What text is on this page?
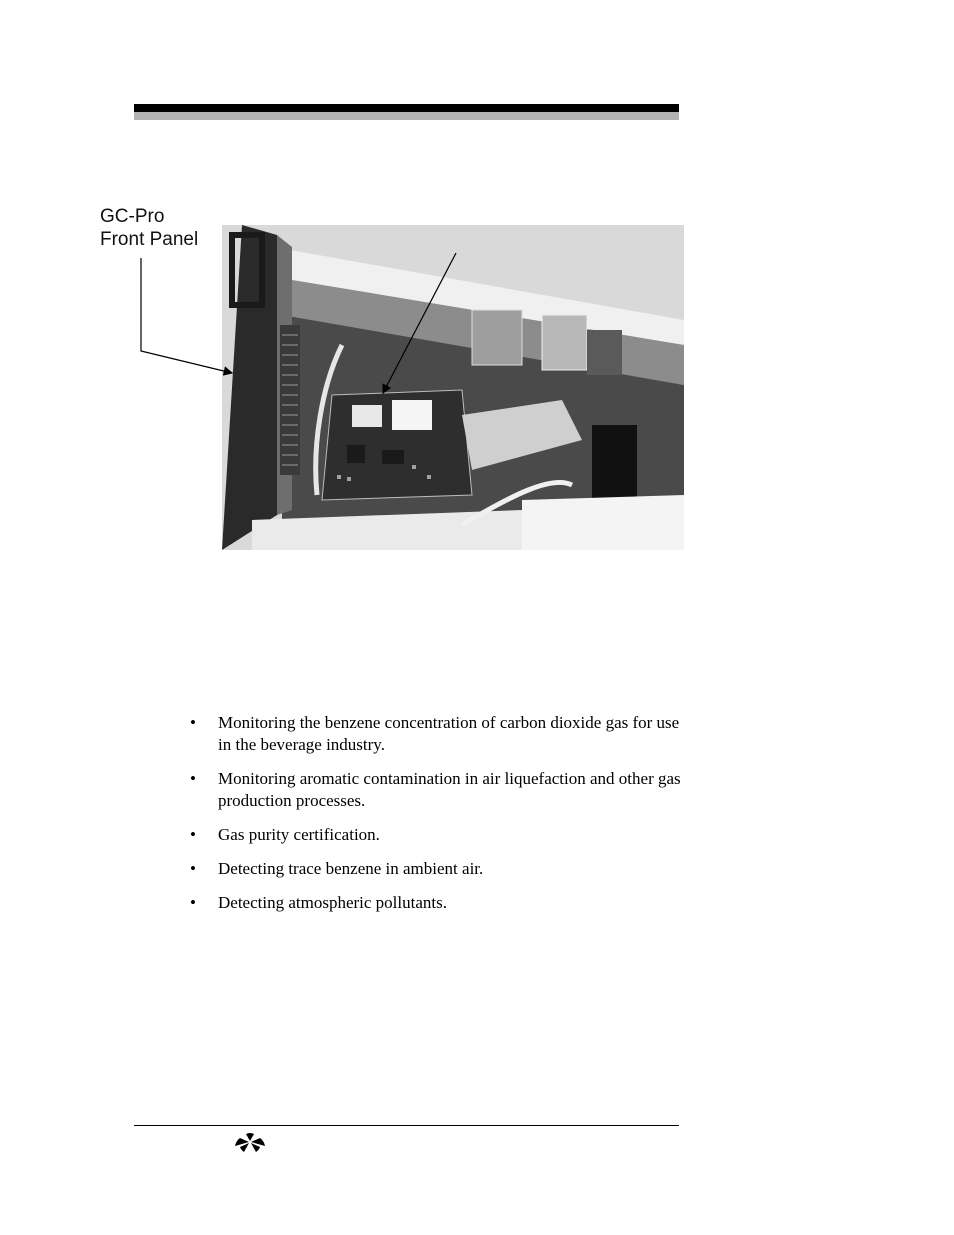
GC-Pro
Front Panel
• Monitoring the benzene concentration of carbon dioxide gas for use in the beverage industry.
• Monitoring aromatic contamination in air liquefaction and other gas production processes.
• Gas purity certification.
• Detecting trace benzene in ambient air.
• Detecting atmospheric pollutants.
